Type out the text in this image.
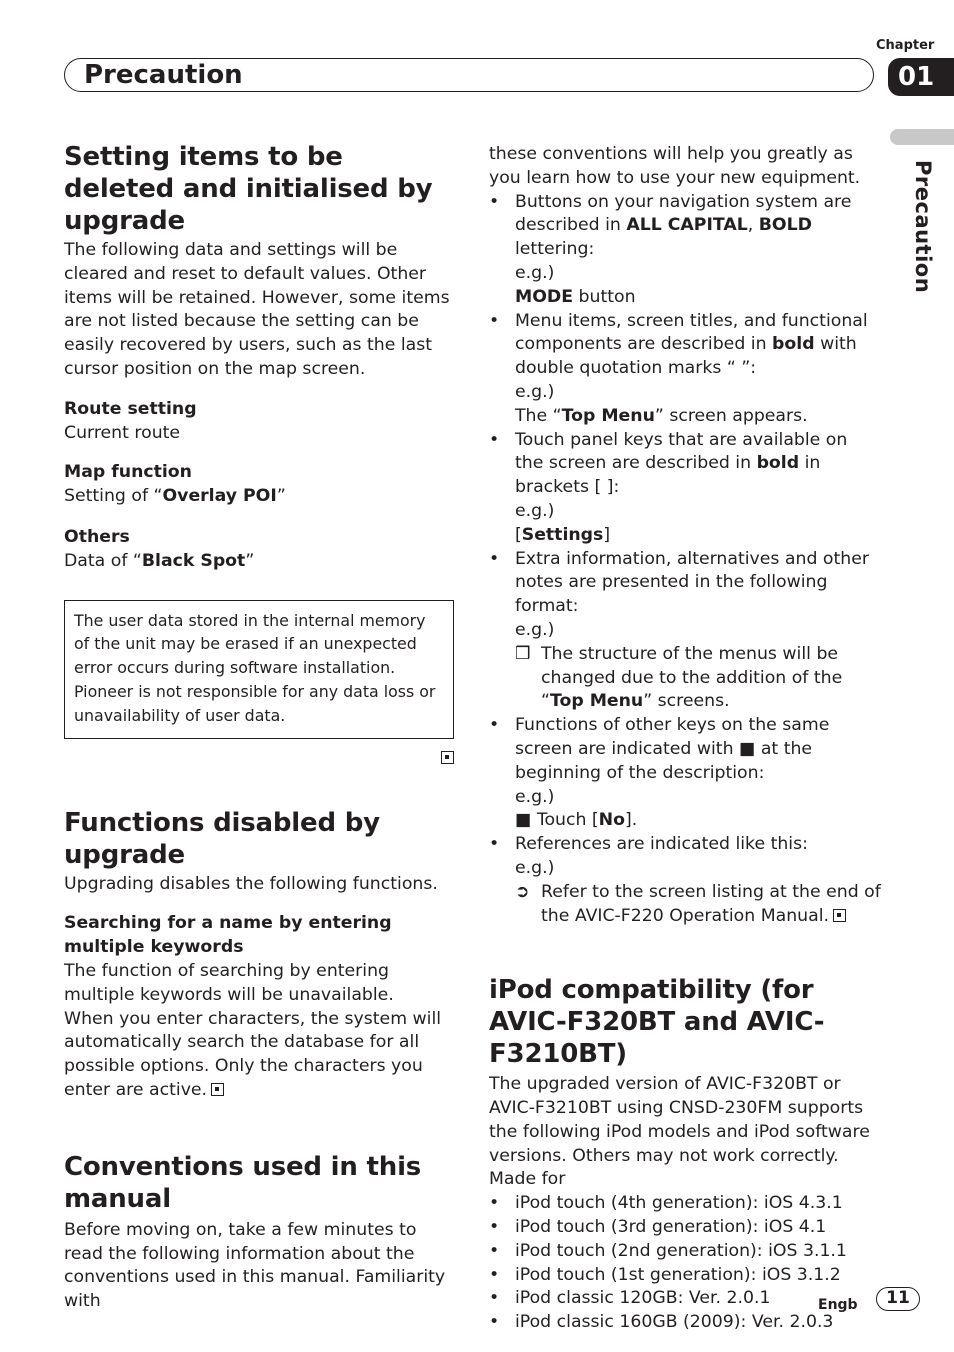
Chapter
01
Precaution
Precaution
Setting items to be deleted and initialised by upgrade

The following data and settings will be cleared and reset to default values. Other items will be retained. However, some items are not listed because the setting can be easily recovered by users, such as the last cursor position on the map screen.

Route setting

Current route

Map function

Setting of “Overlay POI”

Others

Data of “Black Spot”

The user data stored in the internal memory of the unit may be erased if an unexpected error occurs during software installation. Pioneer is not responsible for any data loss or unavailability of user data.
Functions disabled by upgrade

Upgrading disables the following functions.

Searching for a name by entering multiple keywords

The function of searching by entering multiple keywords will be unavailable.

When you enter characters, the system will automatically search the database for all possible options. Only the characters you enter are active.

Conventions used in this manual

Before moving on, take a few minutes to read the following information about the conventions used in this manual. Familiarity with

these conventions will help you greatly as you learn how to use your new equipment.

• Buttons on your navigation system are described in ALL CAPITAL, BOLD lettering:

e.g.)

MODE button

• Menu items, screen titles, and functional components are described in bold with double quotation marks “ ”:

e.g.)

The “Top Menu” screen appears.

• Touch panel keys that are available on the screen are described in bold in brackets [ ]:

e.g.)

[Settings]

• Extra information, alternatives and other notes are presented in the following format:

e.g.)

❒ The structure of the menus will be changed due to the addition of the “Top Menu” screens.

• Functions of other keys on the same screen are indicated with ■ at the beginning of the description:

e.g.)

■ Touch [No].

• References are indicated like this:

e.g.)

➲ Refer to the screen listing at the end of the AVIC-F220 Operation Manual.

iPod compatibility (for AVIC-F320BT and AVIC-F3210BT)

The upgraded version of AVIC-F320BT or AVIC-F3210BT using CNSD-230FM supports the following iPod models and iPod software versions. Others may not work correctly.

Made for

• iPod touch (4th generation): iOS 4.3.1

• iPod touch (3rd generation): iOS 4.1

• iPod touch (2nd generation): iOS 3.1.1

• iPod touch (1st generation): iOS 3.1.2

• iPod classic 120GB: Ver. 2.0.1

• iPod classic 160GB (2009): Ver. 2.0.3

Engb	11
